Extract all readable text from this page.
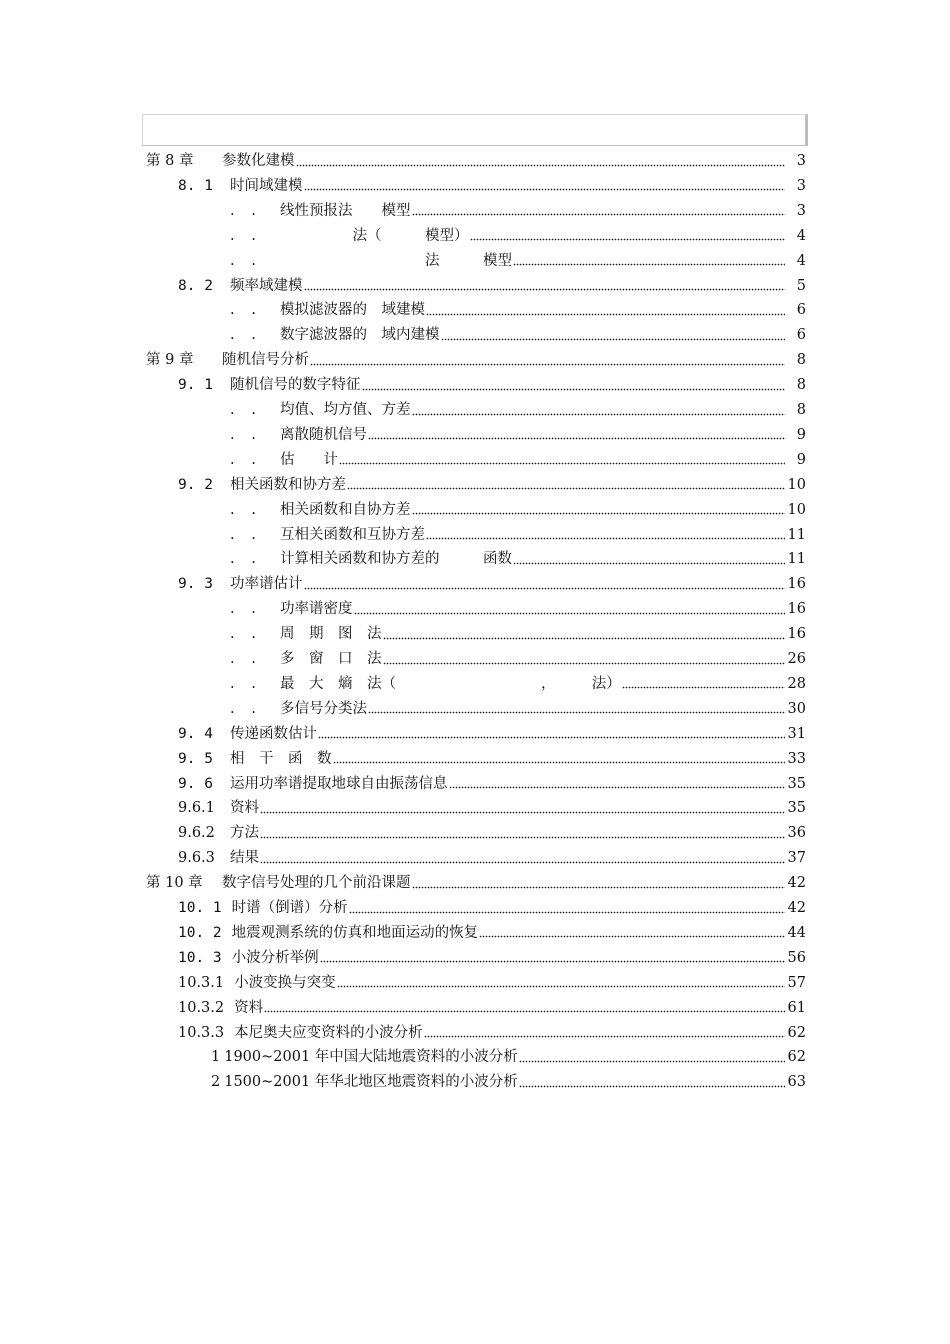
第 8 章	参数化建模	3
8. 1	时间域建模	3
. .	线性预报法　　模型	3
. .	　　　　　法（　　　模型）	4
. .	　　　　　　　　　　法　　　模型	4
8. 2	频率域建模	5
. .	模拟滤波器的　域建模	6
. .	数字滤波器的　域内建模	6
第 9 章	随机信号分析	8
9. 1	随机信号的数字特征	8
. .	均值、均方值、方差	8
. .	离散随机信号	9
. .	估　　计	9
9. 2	相关函数和协方差	10
. .	相关函数和自协方差	10
. .	互相关函数和互协方差	11
. .	计算相关函数和协方差的　　　函数	11
9. 3	功率谱估计	16
. .	功率谱密度	16
. .	周　期　图　法	16
. .	多　窗　口　法	26
. .	最　大　熵　法（　　　　　　　　　　，　　　法）	28
. .	多信号分类法	30
9. 4	传递函数估计	31
9. 5	相　干　函　数	33
9. 6	运用功率谱提取地球自由振荡信息	35
9.6.1	资料	35
9.6.2	方法	36
9.6.3	结果	37
第 10 章	数字信号处理的几个前沿课题	42
10. 1 时谱（倒谱）分析	42
10. 2 地震观测系统的仿真和地面运动的恢复	44
10. 3 小波分析举例	56
10.3.1 小波变换与突变	57
10.3.2 资料	61
10.3.3 本尼奥夫应变资料的小波分析	62
1 1900~2001 年中国大陆地震资料的小波分析	62
2 1500~2001 年华北地区地震资料的小波分析	63
